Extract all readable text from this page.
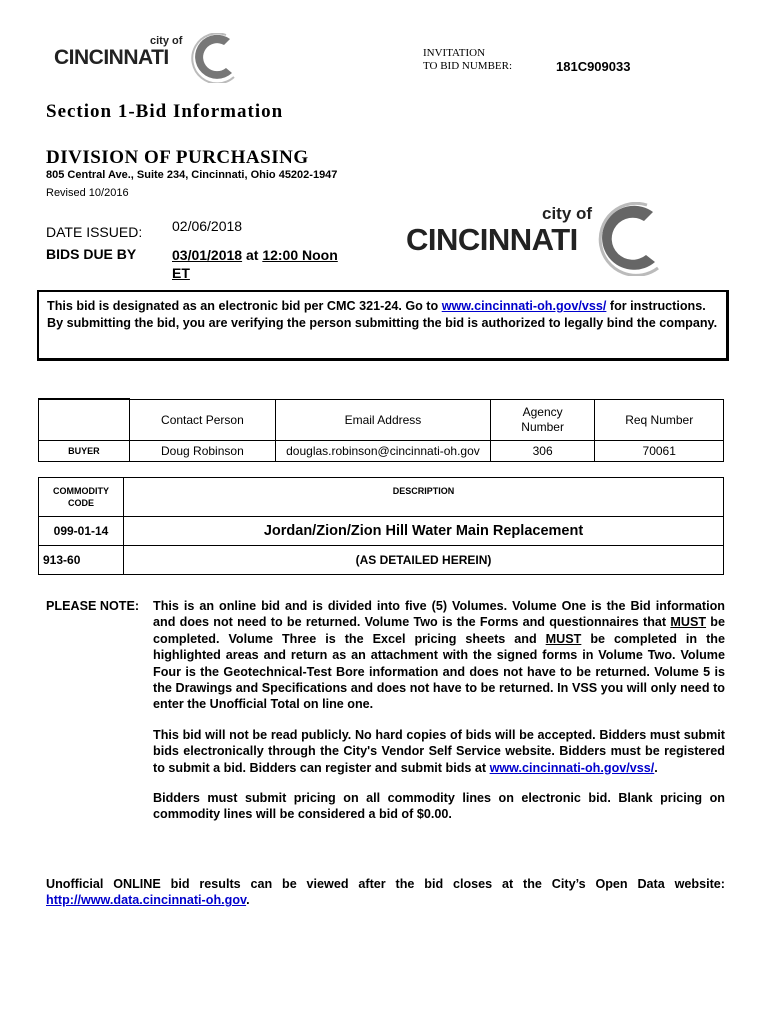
city of
CINCINNATI	INVITATION
TO BID NUMBER:	181C909033
Section 1-Bid Information
DIVISION OF PURCHASING
805 Central Ave., Suite 234, Cincinnati, Ohio 45202-1947
Revised 10/2016
DATE ISSUED: 02/06/2018
BIDS DUE BY	03/01/2018 at 12:00 Noon
ET
city of
CINCINNATI
This bid is designated as an electronic bid per CMC 321-24. Go to www.cincinnati-oh.gov/vss/ for instructions. By submitting the bid, you are verifying the person submitting the bid is authorized to legally bind the company.
	Contact Person	Email Address	Agency
Number	Req Number
BUYER	Doug Robinson	douglas.robinson@cincinnati-oh.gov	306	70061
COMMODITY
CODE	DESCRIPTION
099-01-14	Jordan/Zion/Zion Hill Water Main Replacement
913-60	(AS DETAILED HEREIN)
PLEASE NOTE: This is an online bid and is divided into five (5) Volumes. Volume One is the Bid information and does not need to be returned. Volume Two is the Forms and questionnaires that MUST be completed. Volume Three is the Excel pricing sheets and MUST be completed in the highlighted areas and return as an attachment with the signed forms in Volume Two. Volume Four is the Geotechnical-Test Bore information and does not have to be returned. Volume 5 is the Drawings and Specifications and does not have to be returned. In VSS you will only need to enter the Unofficial Total on line one.

This bid will not be read publicly. No hard copies of bids will be accepted. Bidders must submit bids electronically through the City's Vendor Self Service website. Bidders must be registered to submit a bid. Bidders can register and submit bids at www.cincinnati-oh.gov/vss/.

Bidders must submit pricing on all commodity lines on electronic bid. Blank pricing on commodity lines will be considered a bid of $0.00.

Unofficial ONLINE bid results can be viewed after the bid closes at the City’s Open Data website: http://www.data.cincinnati-oh.gov.
